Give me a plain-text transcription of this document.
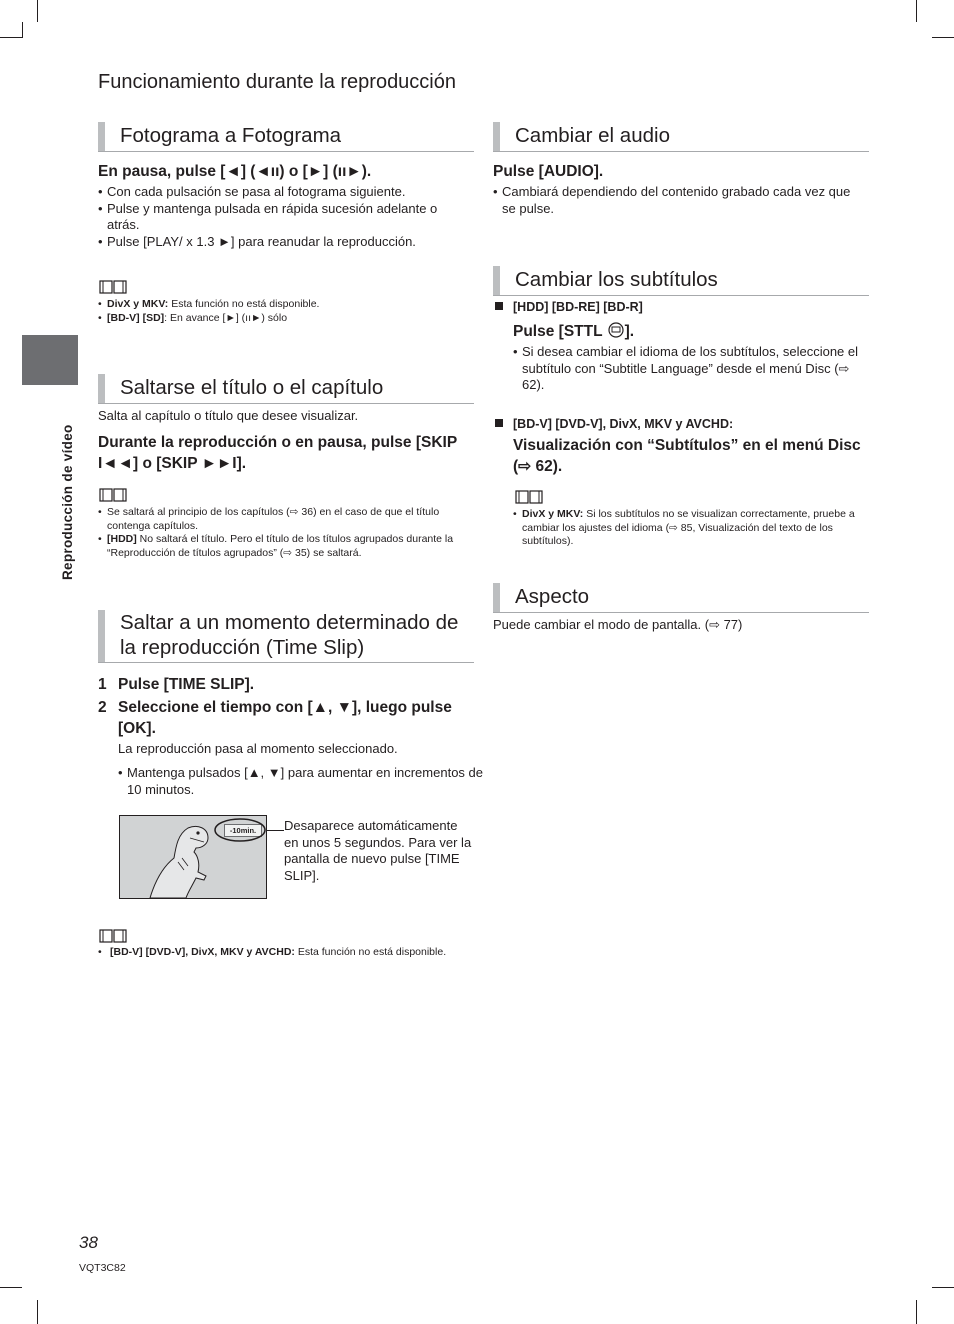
Funcionamiento durante la reproducción
Reproducción de vídeo
Fotograma a Fotograma
En pausa, pulse [◄] (◄ıı) o [►] (ıı►).
• Con cada pulsación se pasa al fotograma siguiente.
• Pulse y mantenga pulsada en rápida sucesión adelante o atrás.
• Pulse [PLAY/ x 1.3 ►] para reanudar la reproducción.
• DivX y MKV: Esta función no está disponible.
• [BD-V] [SD]: En avance [►] (ıı►) sólo
Saltarse el título o el capítulo
Salta al capítulo o título que desee visualizar.
Durante la reproducción o en pausa, pulse [SKIP I◄◄] o [SKIP ►►I].
• Se saltará al principio de los capítulos (⇨ 36) en el caso de que el título contenga capítulos.
• [HDD] No saltará el título. Pero el título de los títulos agrupados durante la “Reproducción de títulos agrupados” (⇨ 35) se saltará.
Saltar a un momento determinado de la reproducción (Time Slip)
1 Pulse [TIME SLIP].
2 Seleccione el tiempo con [▲, ▼], luego pulse [OK].
La reproducción pasa al momento seleccionado.
• Mantenga pulsados [▲, ▼] para aumentar en incrementos de 10 minutos.
-10min.	Desaparece automáticamente en unos 5 segundos. Para ver la pantalla de nuevo pulse [TIME SLIP].
• [BD-V] [DVD-V], DivX, MKV y AVCHD: Esta función no está disponible.
Cambiar el audio
Pulse [AUDIO].
• Cambiará dependiendo del contenido grabado cada vez que se pulse.
Cambiar los subtítulos
[HDD] [BD-RE] [BD-R]
Pulse [STTL ].
• Si desea cambiar el idioma de los subtítulos, seleccione el subtítulo con “Subtitle Language” desde el menú Disc (⇨ 62).
[BD-V] [DVD-V], DivX, MKV y AVCHD:
Visualización con “Subtítulos” en el menú Disc (⇨ 62).
• DivX y MKV: Si los subtítulos no se visualizan correctamente, pruebe a cambiar los ajustes del idioma (⇨ 85, Visualización del texto de los subtítulos).
Aspecto
Puede cambiar el modo de pantalla. (⇨ 77)
38
VQT3C82
